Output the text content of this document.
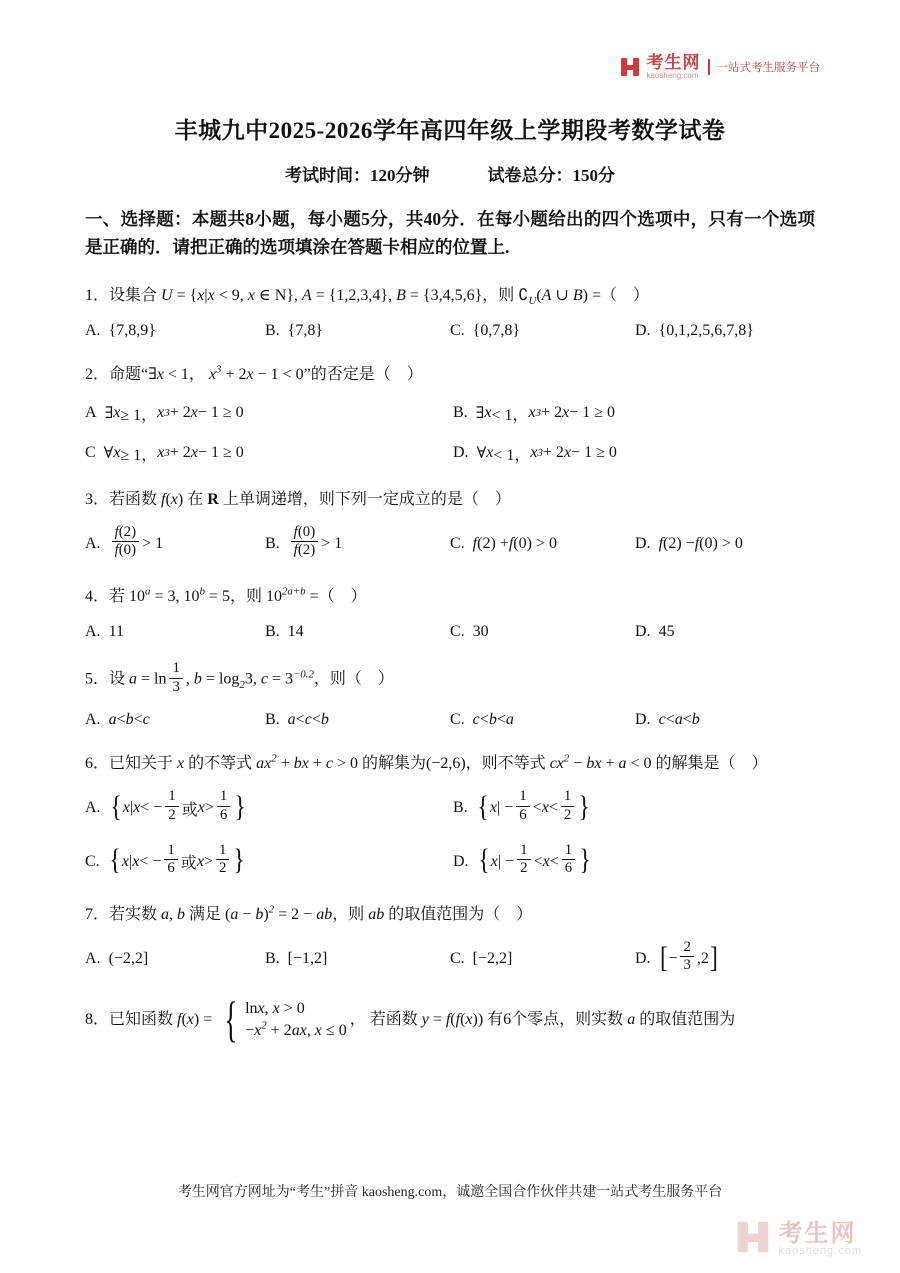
考生网
kaosheng.com
一站式考生服务平台
丰城九中2025-2026学年高四年级上学期段考数学试卷
考试时间：120分钟	试卷总分：150分

一、选择题：本题共8小题，每小题5分，共40分．在每小题给出的四个选项中，只有一个选项是正确的．请把正确的选项填涂在答题卡相应的位置上.

1．设集合 U = {x|x < 9, x ∈ N}, A = {1,2,3,4}, B = {3,4,5,6}，则 $∁_U(A$ ∪ B) =（　）
A. {7,8,9}	B. {7,8}	C. {0,7,8}	D. {0,1,2,5,6,7,8}
2．命题“∃x < 1， $x^3 + 2x - 1 < 0$”的否定是（　）
A ∃ x ≥ 1， x 3 + 2 x − 1 ≥ 0	B. ∃ x < 1， x 3 + 2 x − 1 ≥ 0
C ∀ x ≥ 1， x 3 + 2 x − 1 ≥ 0	D. ∀ x < 1， x 3 + 2 x − 1 ≥ 0
3．若函数 f(x) 在 R 上单调递增，则下列一定成立的是（　）
A. $\frac{f(2)}{f(0)} > 1$	B. $\frac{f(0)}{f(2)} > 1$	C. f (2) + f (0) > 0	D. f (2) − f (0) > 0
4．若 $10^a = 3$, $10^b = 5$，则 $10^{2a+b}$ =（　）
A. 11	B. 14	C. 30	D. 45
5．设 $a = \ln \frac{1}{3}$ , $b = \log_23$, $c = 3^{-0.2}$，则（　）
A. a < b < c	B. a < c < b	C. c < b < a	D. c < a < b
6．已知关于 x 的不等式 $ax^2$ + bx + c > 0 的解集为(−2,6)，则不等式 $cx^2$ − bx + a < 0 的解集是（　）
A. { x | x < − $\frac{1}{2}$ 或 $x > \frac{1}{6}$ }	B. { x | − $\frac{1}{6} < x < \frac{1}{2}$ }
C. { x | x < − $\frac{1}{6}$ 或 $x > \frac{1}{2}$ }	D. { x | − $\frac{1}{2} < x < \frac{1}{6}$ }
7．若实数 a, b 满足 $(a - b)^2 = 2$ − ab，则 ab 的取值范围为（　）
A. (−2,2]	B. [−1,2]	C. [−2,2]	D. [ − $\frac{2}{3} ,2$ ]
8．已知函数 f(x) = { lnx, x > 0
$-x^2 + 2ax$, x ≤ 0
， 若函数 y = f(f(x)) 有6个零点，则实数 a 的取值范围为
考生网官方网址为“考生”拼音 kaosheng.com，诚邀全国合作伙伴共建一站式考生服务平台
考生网
kaosheng.com
